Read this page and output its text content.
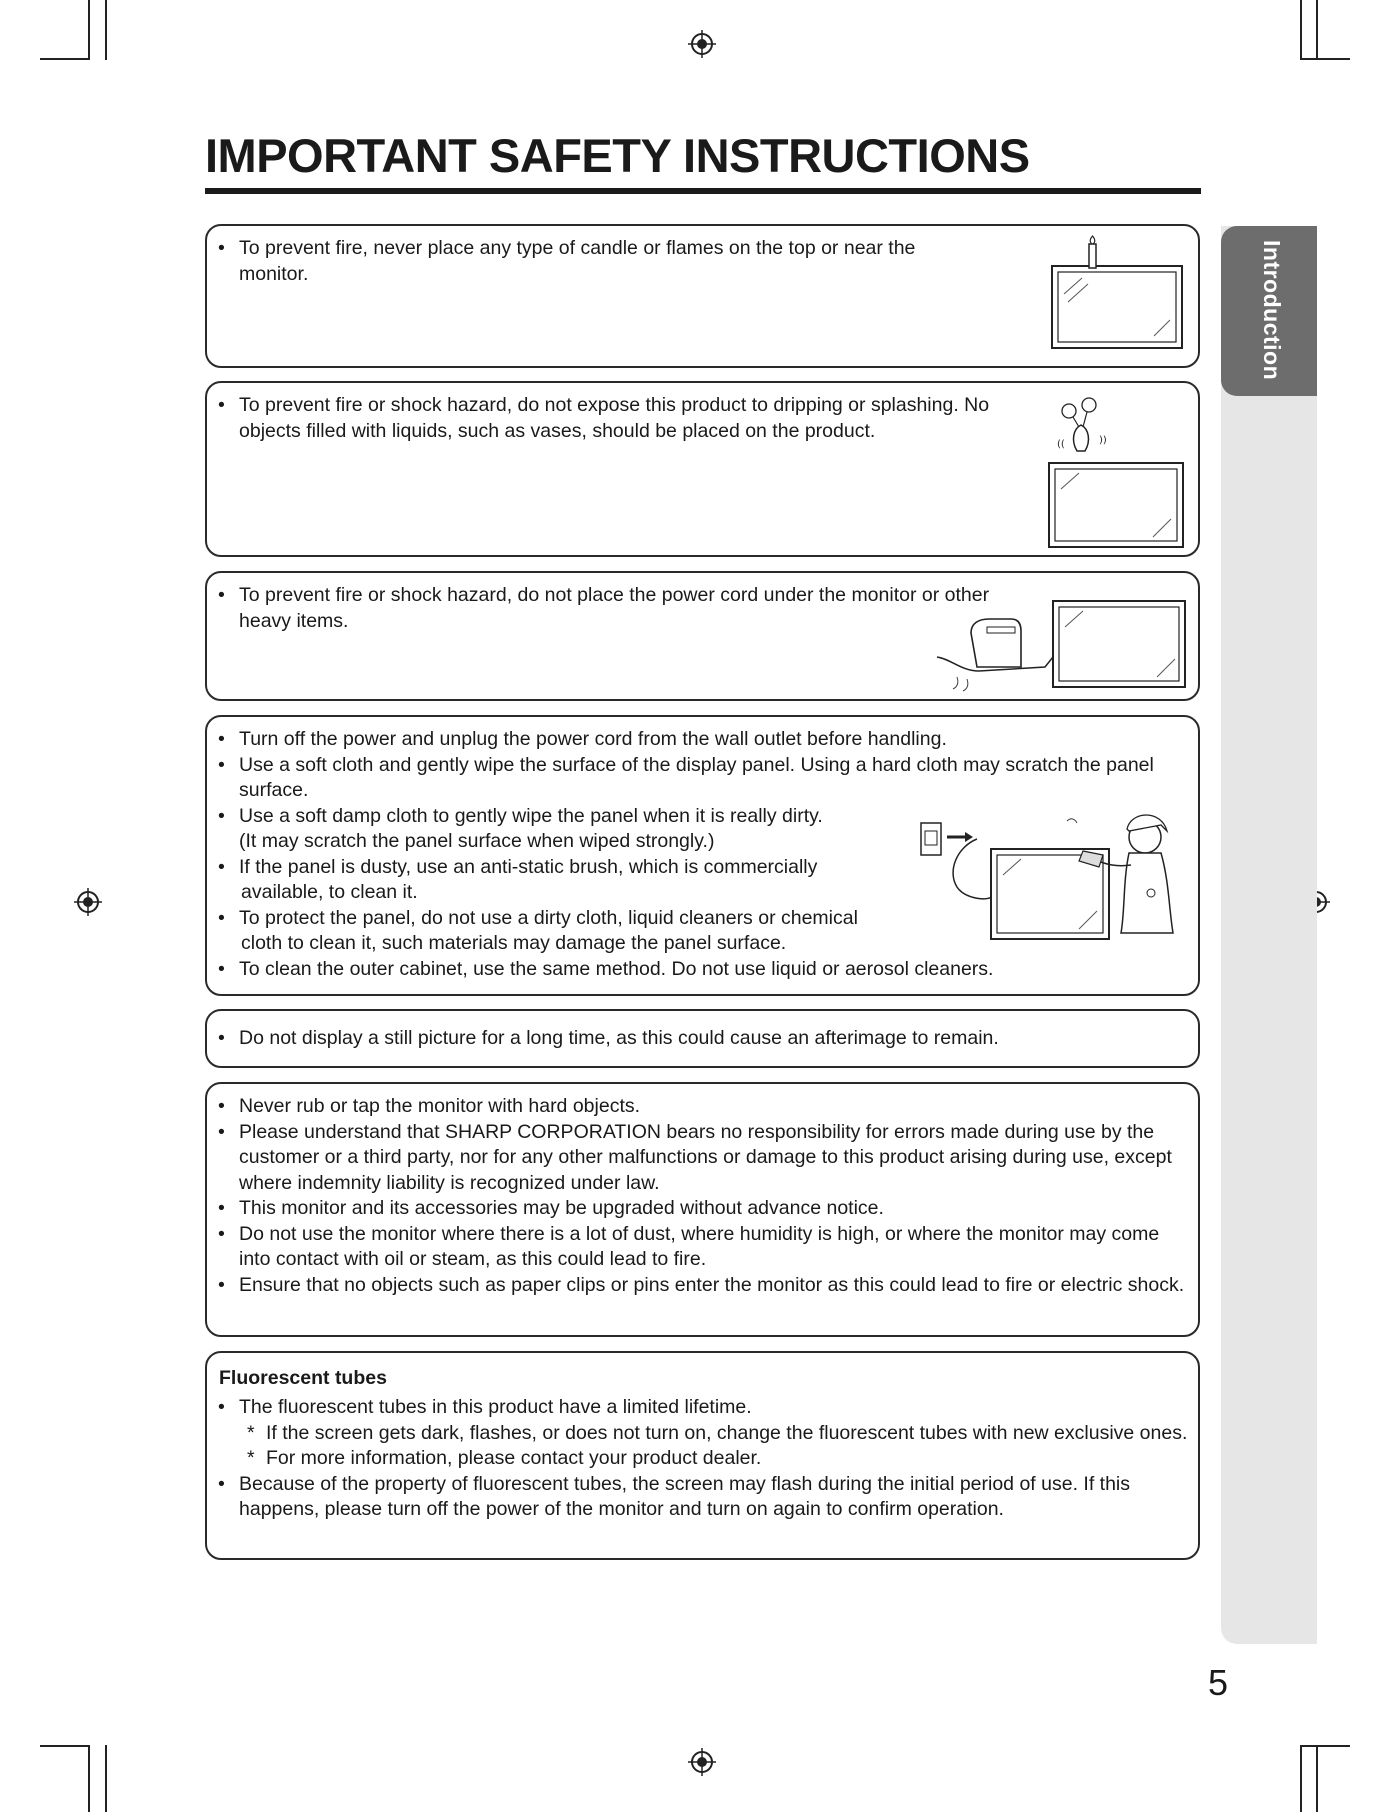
IMPORTANT SAFETY INSTRUCTIONS
Introduction
• To prevent fire, never place any type of candle or flames on the top or near the monitor.
• To prevent fire or shock hazard, do not expose this product to dripping or splashing. No objects filled with liquids, such as vases, should be placed on the product.
((	))
• To prevent fire or shock hazard, do not place the power cord under the monitor or other heavy items.
• Turn off the power and unplug the power cord from the wall outlet before handling.
• Use a soft cloth and gently wipe the surface of the display panel. Using a hard cloth may scratch the panel surface.
• Use a soft damp cloth to gently wipe the panel when it is really dirty.
(It may scratch the panel surface when wiped strongly.)
• If the panel is dusty, use an anti-static brush, which is commercially
available, to clean it.
• To protect the panel, do not use a dirty cloth, liquid cleaners or chemical
cloth to clean it, such materials may damage the panel surface.
• To clean the outer cabinet, use the same method. Do not use liquid or aerosol cleaners.
• Do not display a still picture for a long time, as this could cause an afterimage to remain.
• Never rub or tap the monitor with hard objects.
• Please understand that SHARP CORPORATION bears no responsibility for errors made during use by the customer or a third party, nor for any other malfunctions or damage to this product arising during use, except where indemnity liability is recognized under law.
• This monitor and its accessories may be upgraded without advance notice.
• Do not use the monitor where there is a lot of dust, where humidity is high, or where the monitor may come into contact with oil or steam, as this could lead to fire.
• Ensure that no objects such as paper clips or pins enter the monitor as this could lead to fire or electric shock.
Fluorescent tubes
• The fluorescent tubes in this product have a limited lifetime.
* If the screen gets dark, flashes, or does not turn on, change the fluorescent tubes with new exclusive ones.
* For more information, please contact your product dealer.
• Because of the property of fluorescent tubes, the screen may flash during the initial period of use. If this happens, please turn off the power of the monitor and turn on again to confirm operation.
5
